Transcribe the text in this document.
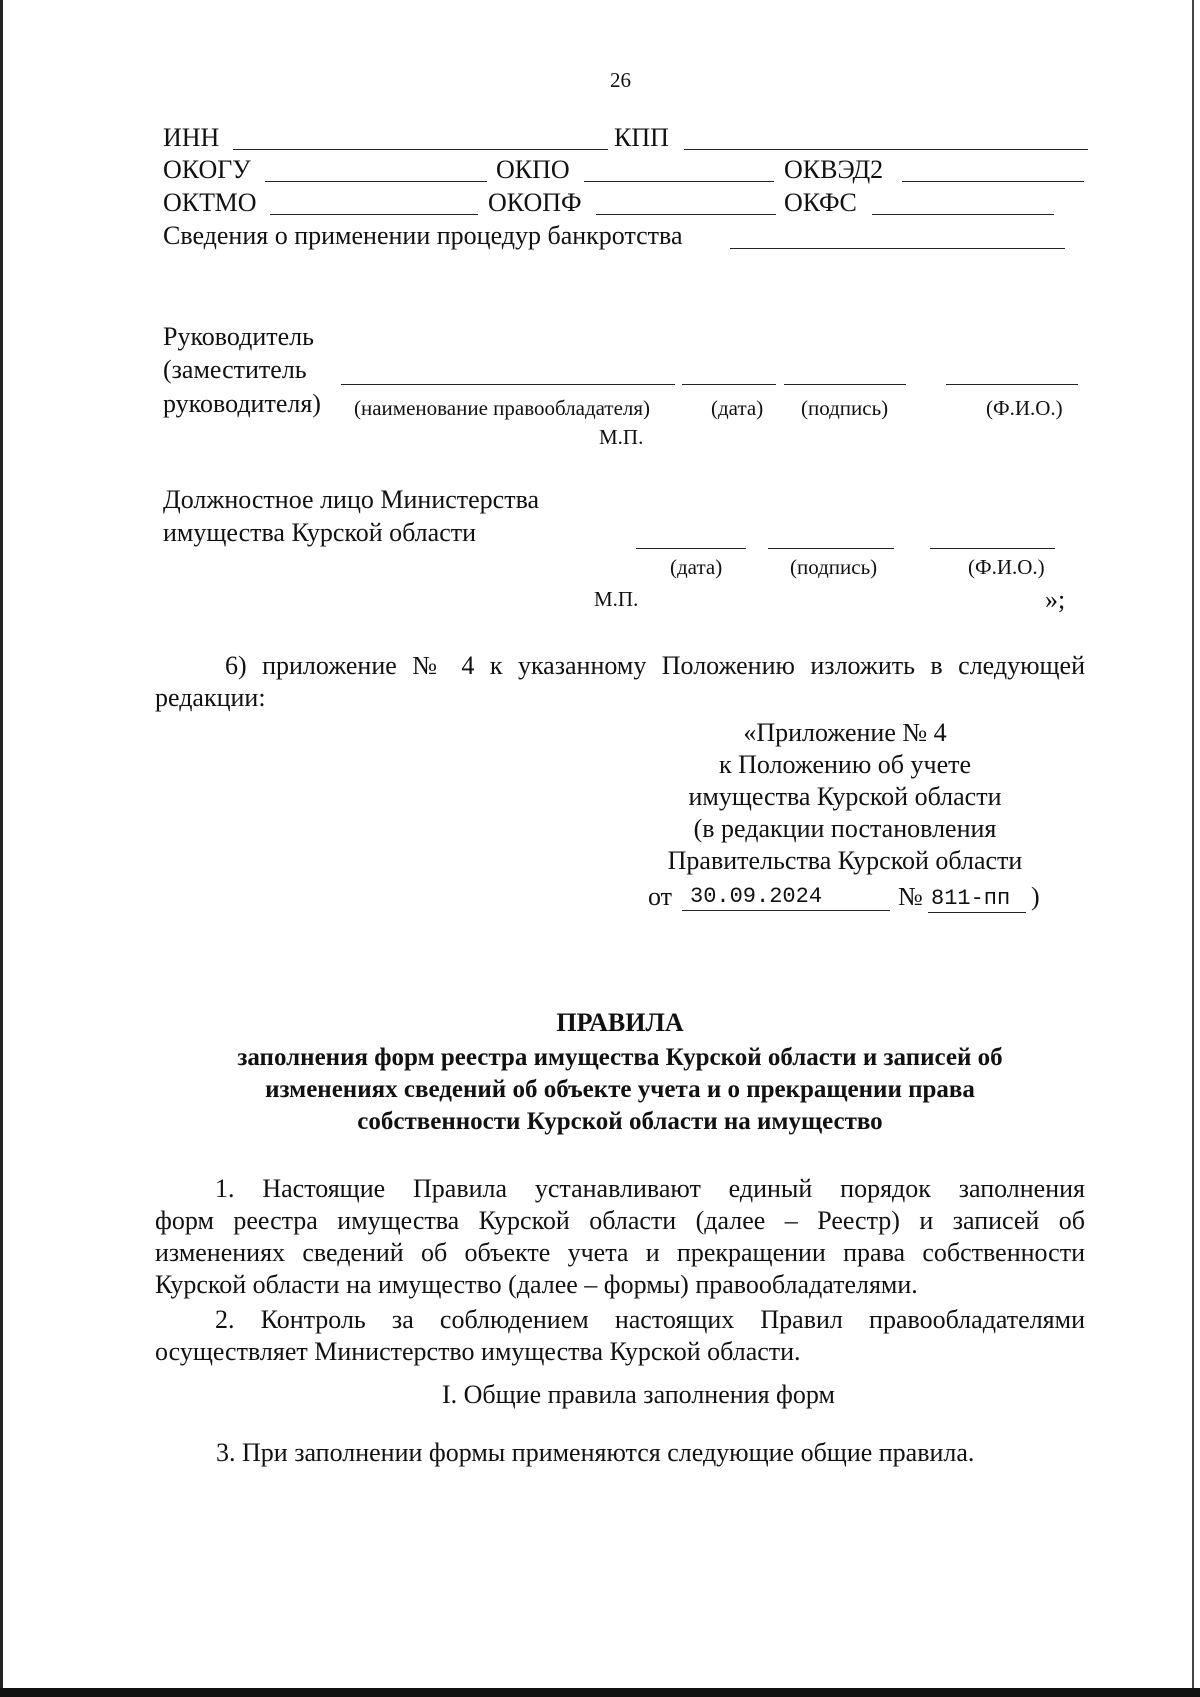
26
ИНН	КПП
ОКОГУ	ОКПО	ОКВЭД2
ОКТМО	ОКОПФ	ОКФС
Сведения о применении процедур банкротства
Руководитель
(заместитель
руководителя) (наименование правообладателя)	(дата) (подпись)	(Ф.И.О.)
М.П.
Должностное лицо Министерства
имущества Курской области
(дата)	(подпись)	(Ф.И.О.)
М.П.	»;
6) приложение № 4 к указанному Положению изложить в следующей
редакции:
«Приложение № 4
к Положению об учете
имущества Курской области
(в редакции постановления
Правительства Курской области
от 30.09.2024	№ 811-пп )
ПРАВИЛА
заполнения форм реестра имущества Курской области и записей об
изменениях сведений об объекте учета и о прекращении права
собственности Курской области на имущество
1. Настоящие Правила устанавливают единый порядок заполнения
форм реестра имущества Курской области (далее – Реестр) и записей об
изменениях сведений об объекте учета и прекращении права собственности
Курской области на имущество (далее – формы) правообладателями.
2. Контроль за соблюдением настоящих Правил правообладателями
осуществляет Министерство имущества Курской области.
I. Общие правила заполнения форм
3. При заполнении формы применяются следующие общие правила.
